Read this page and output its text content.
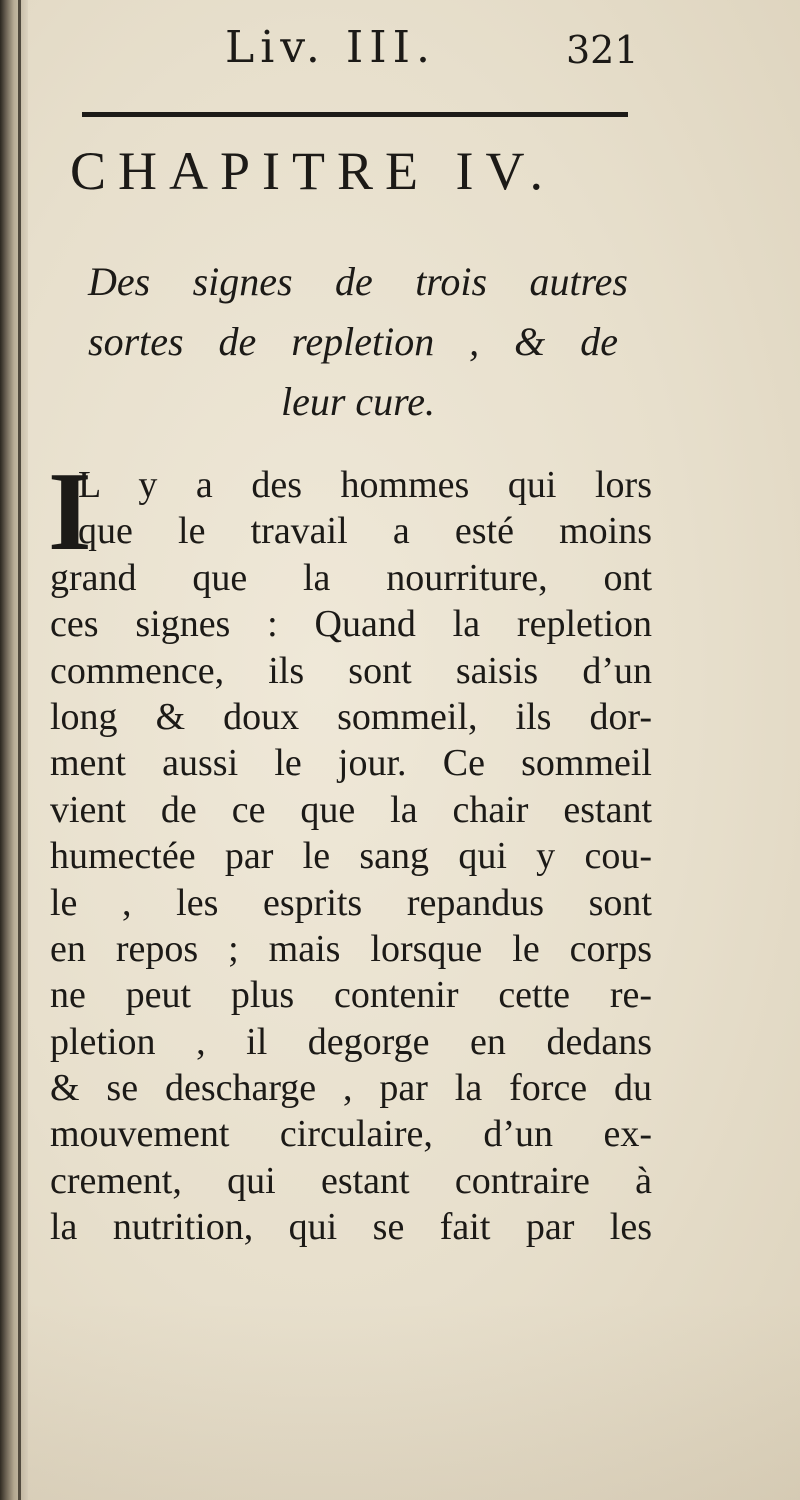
Liv. III.	321
CHAPITRE IV.
Des signes de trois autres
sortes de repletion , & de
leur cure.
I
L y a des hommes qui lors
que le travail a esté moins
grand que la nourriture, ont
ces signes : Quand la repletion
commence, ils sont saisis d’un
long & doux sommeil, ils dor-
ment aussi le jour. Ce sommeil
vient de ce que la chair estant
humectée par le sang qui y cou-
le , les esprits repandus sont
en repos ; mais lorsque le corps
ne peut plus contenir cette re-
pletion , il degorge en dedans
& se descharge , par la force du
mouvement circulaire, d’un ex-
crement, qui estant contraire à
la nutrition, qui se fait par les
